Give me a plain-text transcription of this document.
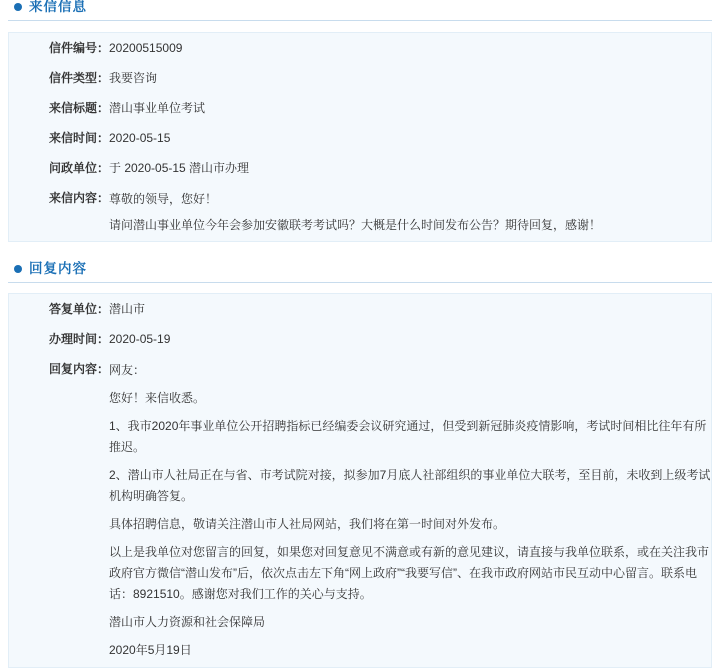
来信信息
信件编号：	20200515009
信件类型：	我要咨询
来信标题：	潜山事业单位考试
来信时间：	2020-05-15
问政单位：	于 2020-05-15 潜山市办理
来信内容：	尊敬的领导，您好！

请问潜山事业单位今年会参加安徽联考考试吗？大概是什么时间发布公告？期待回复，感谢！

回复内容
答复单位：	潜山市
办理时间：	2020-05-19
回复内容：	网友：

您好！来信收悉。

1、我市2020年事业单位公开招聘指标已经编委会议研究通过，但受到新冠肺炎疫情影响，考试时间相比往年有所推迟。

2、潜山市人社局正在与省、市考试院对接，拟参加7月底人社部组织的事业单位大联考，至目前，未收到上级考试机构明确答复。

具体招聘信息，敬请关注潜山市人社局网站，我们将在第一时间对外发布。

以上是我单位对您留言的回复，如果您对回复意见不满意或有新的意见建议，请直接与我单位联系，或在关注我市政府官方微信“潜山发布”后，依次点击左下角“网上政府”“我要写信”、在我市政府网站市民互动中心留言。联系电话：8921510。感谢您对我们工作的关心与支持。

潜山市人力资源和社会保障局

2020年5月19日
